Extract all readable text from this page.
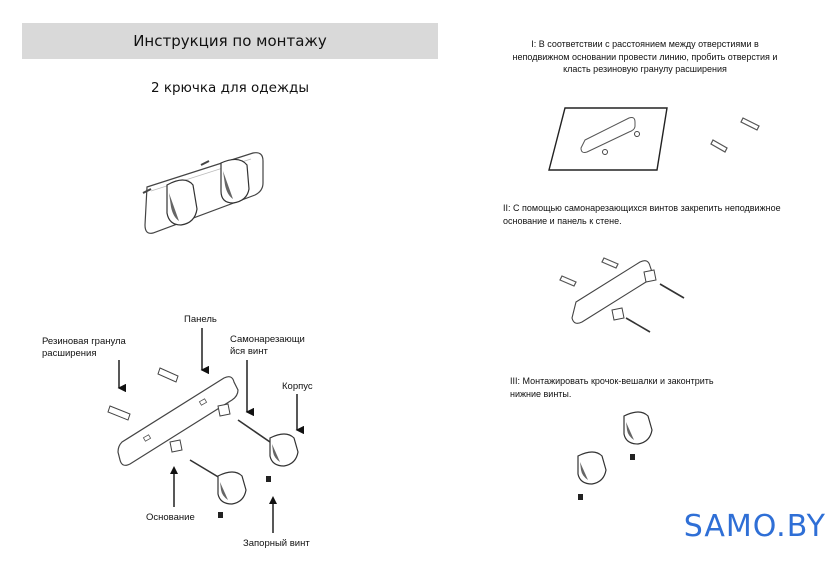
Инструкция по монтажу
2 крючка для одежды
Резиновая гранула
расширения
Панель
Самонарезающи
йся винт
Корпус
Основание
Запорный винт
I: В соответствии с расстоянием между отверстиями в
неподвижном основании провести линию, пробить отверстия и
класть резиновую гранулу расширения
II: С помощью самонарезающихся винтов закрепить неподвижное
основание и панель к стене.
III: Монтажировать крочок-вешалки и законтрить
нижние винты.
SAMO.BY
